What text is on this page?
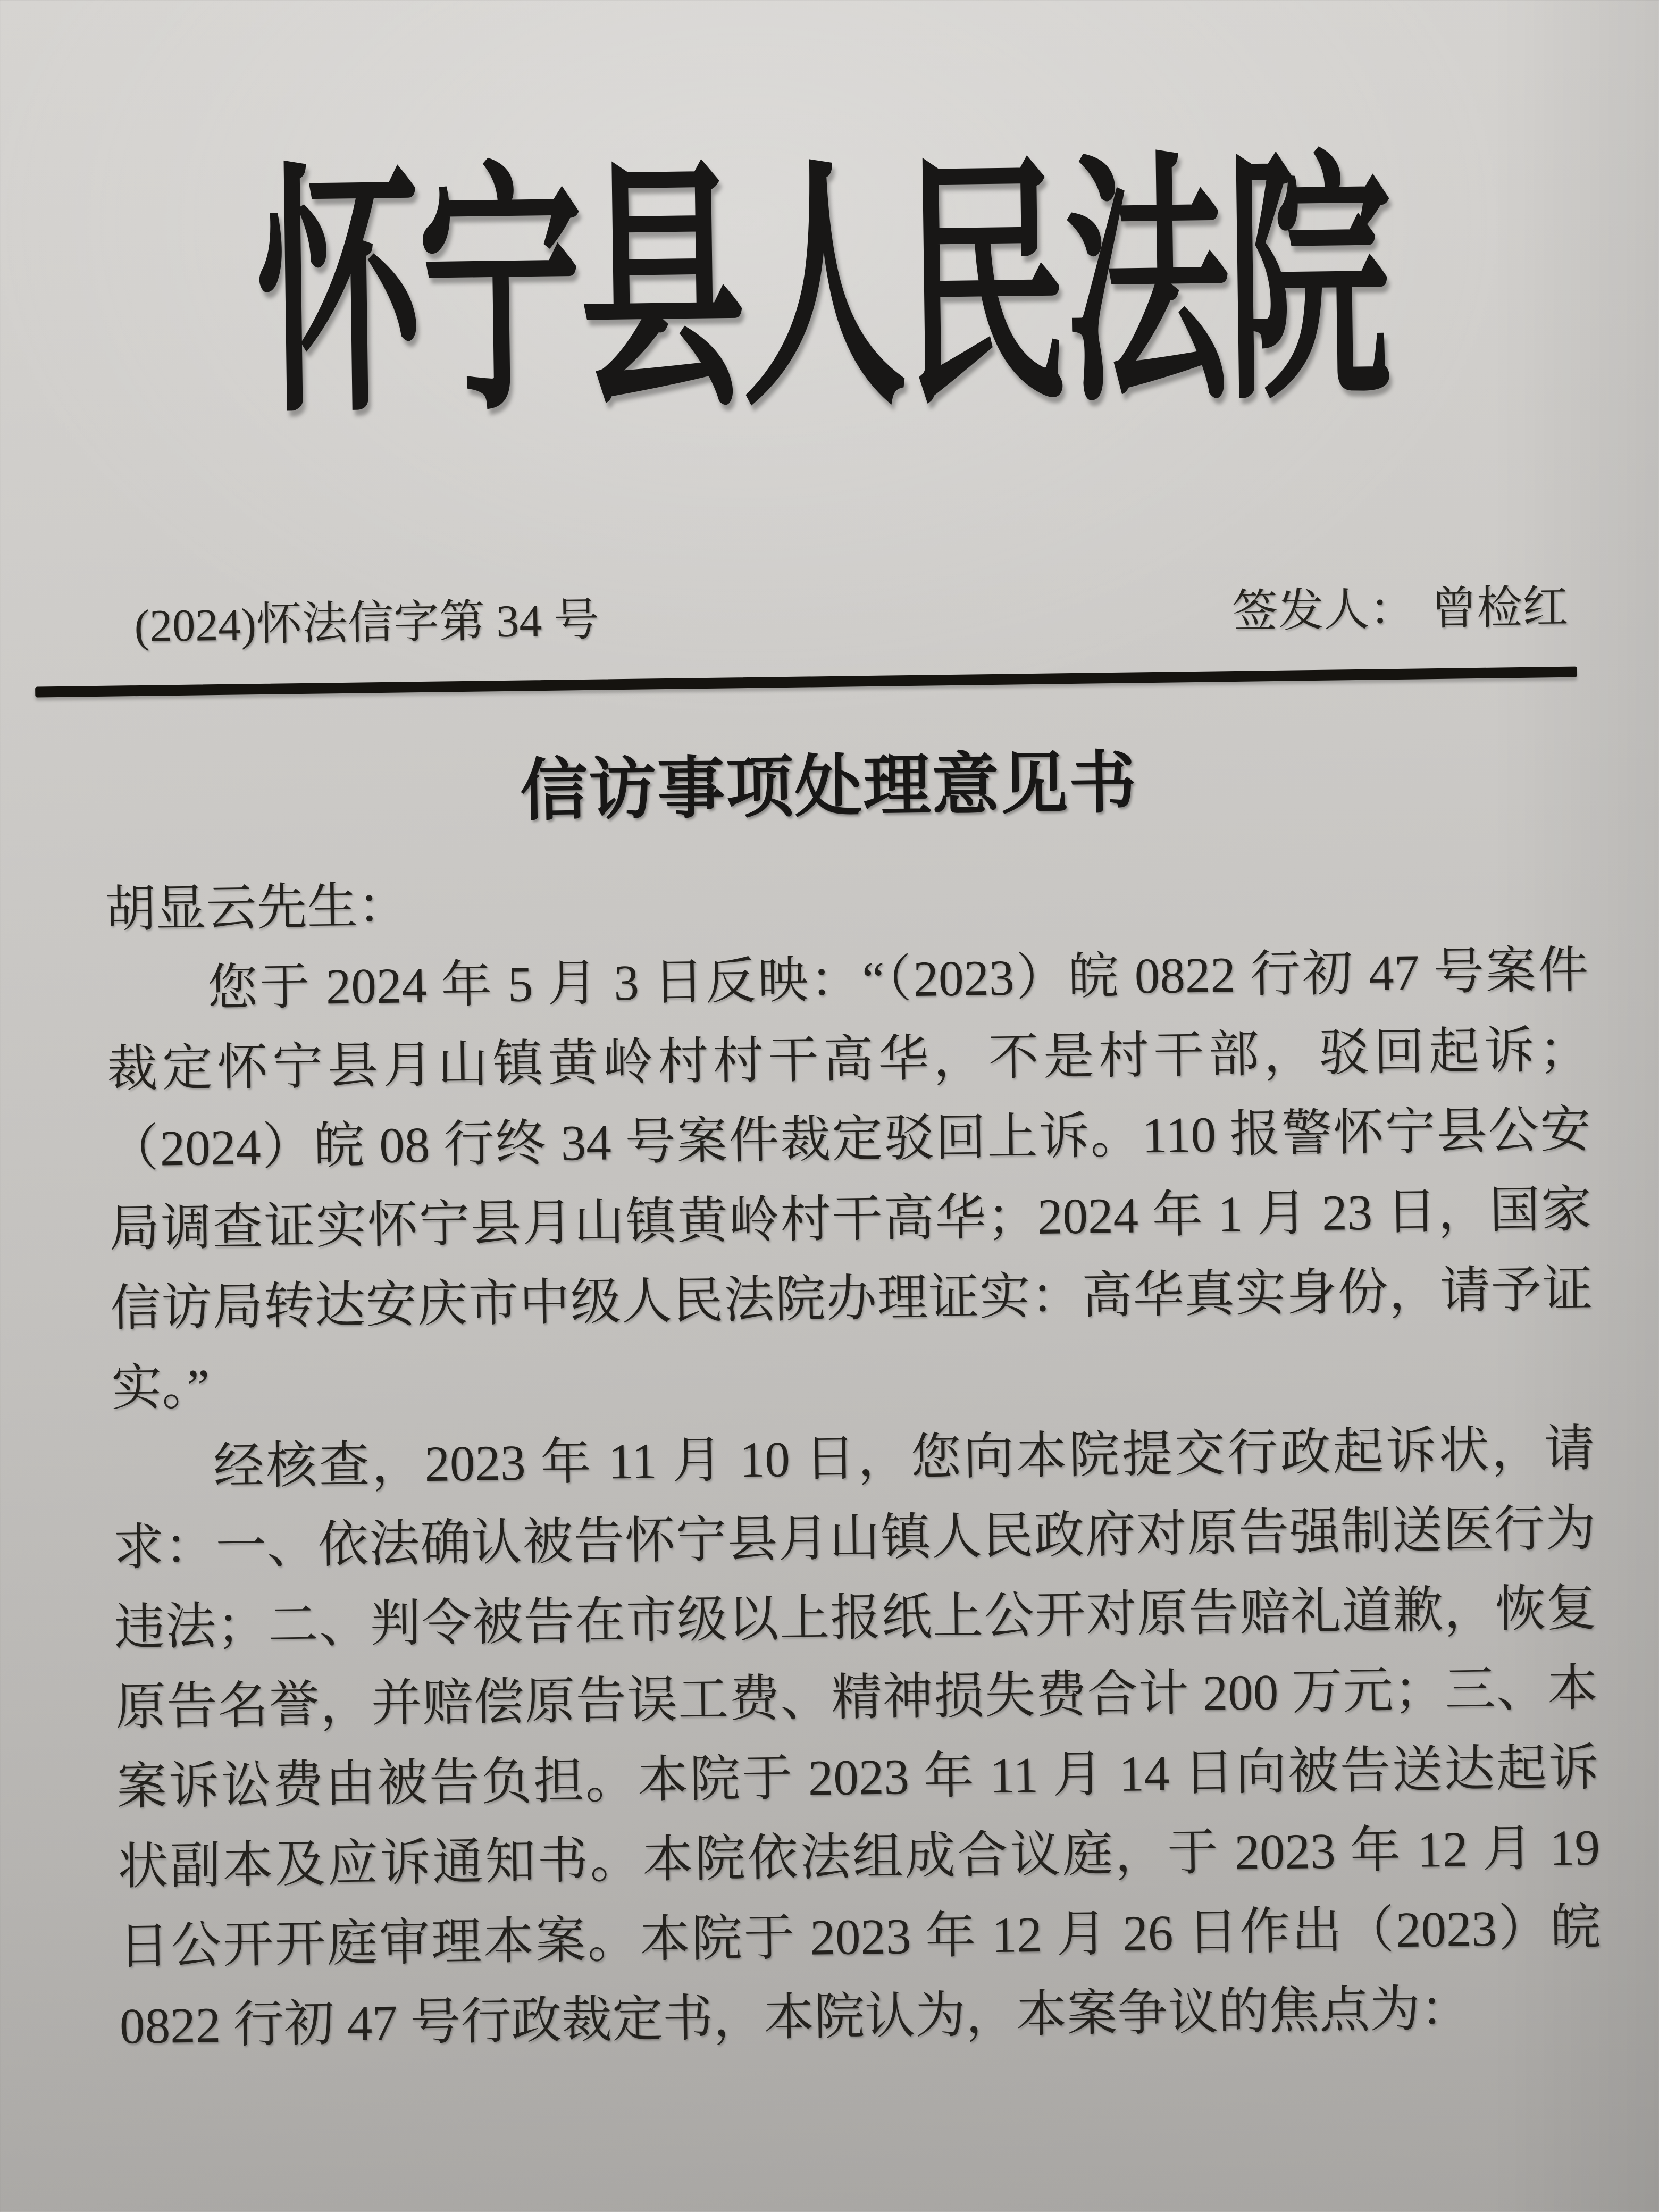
怀宁县人民法院
(2024)怀法信字第 34 号	签发人： 曾检红
信访事项处理意见书

胡显云先生：

您于 2024 年 5 月 3 日反映：“（2023）皖 0822 行初 47 号案件裁定怀宁县月山镇黄岭村村干高华，不是村干部，驳回起诉；（2024）皖 08 行终 34 号案件裁定驳回上诉。110 报警怀宁县公安局调查证实怀宁县月山镇黄岭村干高华；2024 年 1 月 23 日，国家信访局转达安庆市中级人民法院办理证实：高华真实身份，请予证实。”

经核查，2023 年 11 月 10 日，您向本院提交行政起诉状，请求：一、依法确认被告怀宁县月山镇人民政府对原告强制送医行为违法；二、判令被告在市级以上报纸上公开对原告赔礼道歉，恢复原告名誉，并赔偿原告误工费、精神损失费合计 200 万元；三、本案诉讼费由被告负担。本院于 2023 年 11 月 14 日向被告送达起诉状副本及应诉通知书。本院依法组成合议庭，于 2023 年 12 月 19 日公开开庭审理本案。本院于 2023 年 12 月 26 日作出（2023）皖 0822 行初 47 号行政裁定书，本院认为，本案争议的焦点为：
